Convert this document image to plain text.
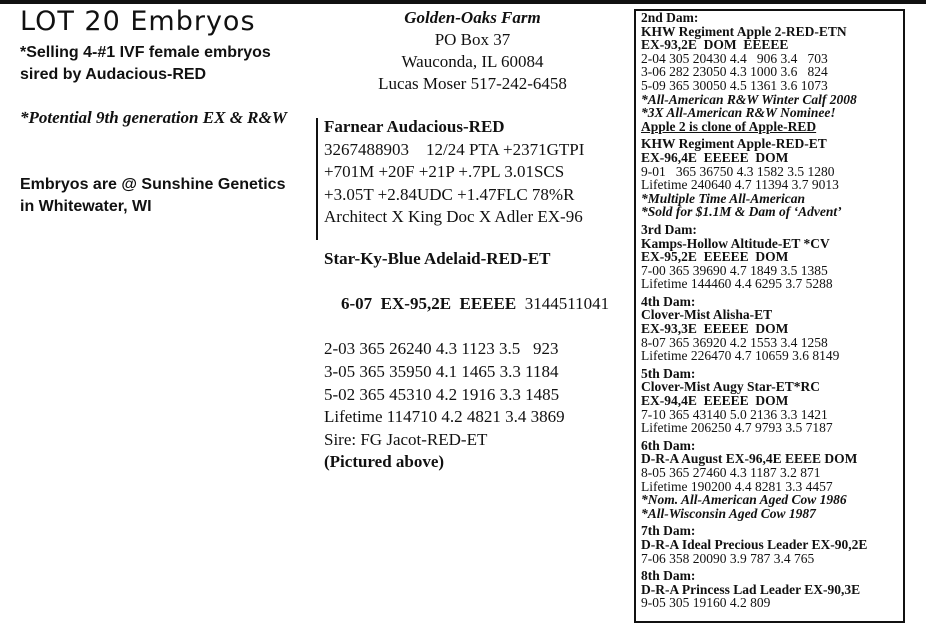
LOT 20 Embryos
*Selling 4-#1 IVF female embryos
sired by Audacious-RED
*Potential 9th generation EX & R&W
Embryos are @ Sunshine Genetics
in Whitewater, WI
Golden-Oaks Farm
PO Box 37
Wauconda, IL 60084
Lucas Moser 517-242-6458
Farnear Audacious-RED
3267488903    12/24 PTA +2371GTPI
+701M +20F +21P +.7PL 3.01SCS
+3.05T +2.84UDC +1.47FLC 78%R
Architect X King Doc X Adler EX-96
Star-Ky-Blue Adelaid-RED-ET

6-07  EX-95,2E  EEEEE 3144511041

2-03 365 26240 4.3 1123 3.5   923
3-05 365 35950 4.1 1465 3.3 1184
5-02 365 45310 4.2 1916 3.3 1485
Lifetime 114710 4.2 4821 3.4 3869
Sire: FG Jacot-RED-ET
(Pictured above)
2nd Dam:
KHW Regiment Apple 2-RED-ETN
EX-93,2E  DOM  EEEEE
2-04 305 20430 4.4   906 3.4   703
3-06 282 23050 4.3 1000 3.6   824
5-09 365 30050 4.5 1361 3.6 1073
*All-American R&W Winter Calf 2008
*3X All-American R&W Nominee!
Apple 2 is clone of Apple-RED
KHW Regiment Apple-RED-ET
EX-96,4E  EEEEE  DOM
9-01   365 36750 4.3 1582 3.5 1280
Lifetime 240640 4.7 11394 3.7 9013
*Multiple Time All-American
*Sold for $1.1M & Dam of ‘Advent’
3rd Dam:
Kamps-Hollow Altitude-ET *CV
EX-95,2E  EEEEE  DOM
7-00 365 39690 4.7 1849 3.5 1385
Lifetime 144460 4.4 6295 3.7 5288
4th Dam:
Clover-Mist Alisha-ET
EX-93,3E  EEEEE  DOM
8-07 365 36920 4.2 1553 3.4 1258
Lifetime 226470 4.7 10659 3.6 8149
5th Dam:
Clover-Mist Augy Star-ET*RC
EX-94,4E  EEEEE  DOM
7-10 365 43140 5.0 2136 3.3 1421
Lifetime 206250 4.7 9793 3.5 7187
6th Dam:
D-R-A August EX-96,4E EEEE DOM
8-05 365 27460 4.3 1187 3.2 871
Lifetime 190200 4.4 8281 3.3 4457
*Nom. All-American Aged Cow 1986
*All-Wisconsin Aged Cow 1987
7th Dam:
D-R-A Ideal Precious Leader EX-90,2E
7-06 358 20090 3.9 787 3.4 765
8th Dam:
D-R-A Princess Lad Leader EX-90,3E
9-05 305 19160 4.2 809
